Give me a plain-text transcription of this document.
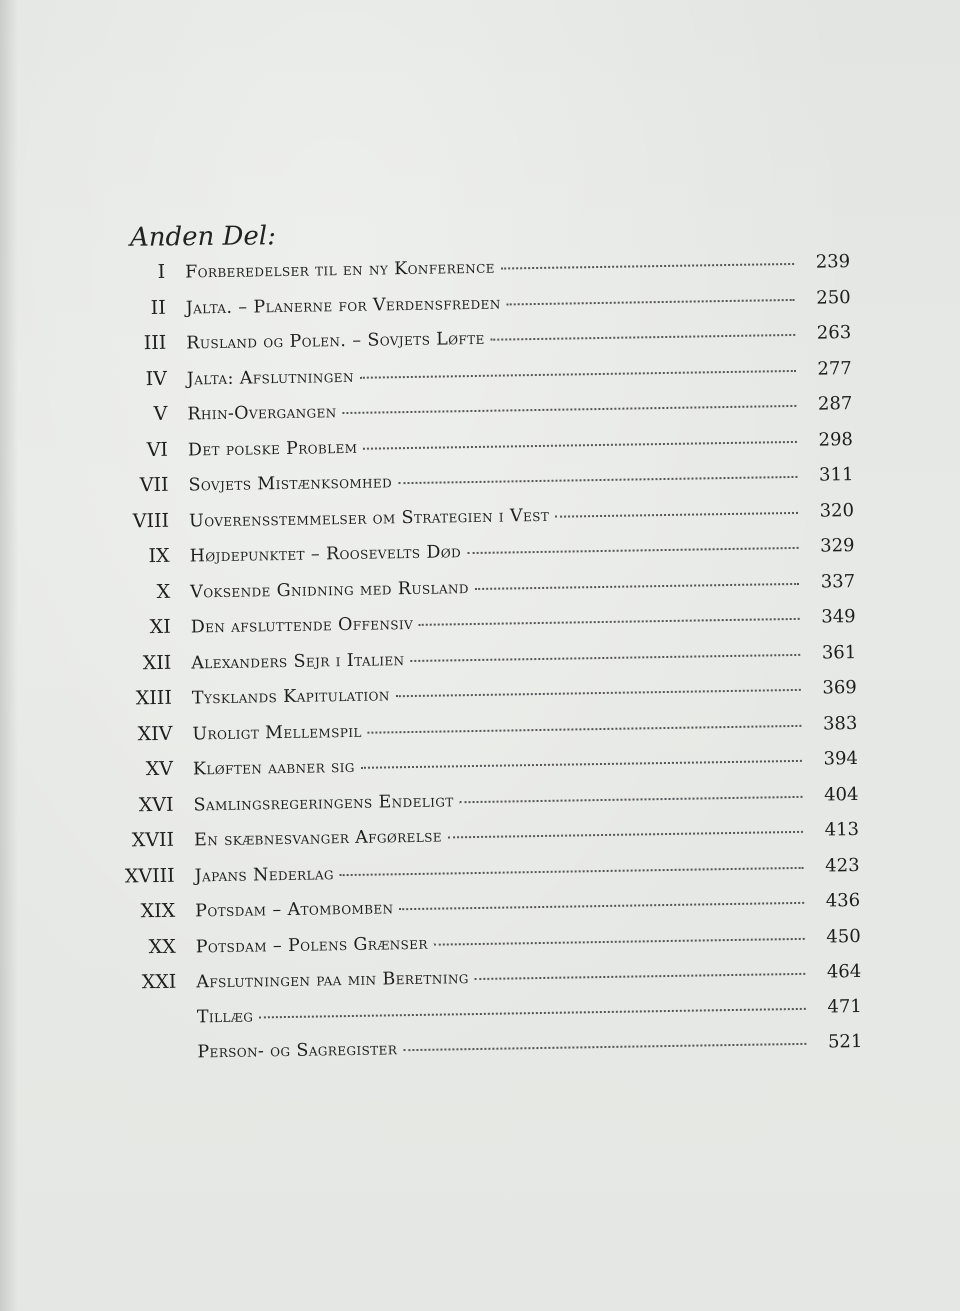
Anden Del:
I	Forberedelser til en ny Konference	239
II	Jalta. – Planerne for Verdensfreden	250
III	Rusland og Polen. – Sovjets Løfte	263
IV	Jalta: Afslutningen	277
V	Rhin-Overgangen	287
VI	Det polske Problem	298
VII	Sovjets Mistænksomhed	311
VIII	Uoverensstemmelser om Strategien i Vest	320
IX	Højdepunktet – Roosevelts Død	329
X	Voksende Gnidning med Rusland	337
XI	Den afsluttende Offensiv	349
XII	Alexanders Sejr i Italien	361
XIII	Tysklands Kapitulation	369
XIV	Uroligt Mellemspil	383
XV	Kløften aabner sig	394
XVI	Samlingsregeringens Endeligt	404
XVII	En skæbnesvanger Afgørelse	413
XVIII	Japans Nederlag	423
XIX	Potsdam – Atombomben	436
XX	Potsdam – Polens Grænser	450
XXI	Afslutningen paa min Beretning	464
Tillæg	471
Person- og Sagregister	521
